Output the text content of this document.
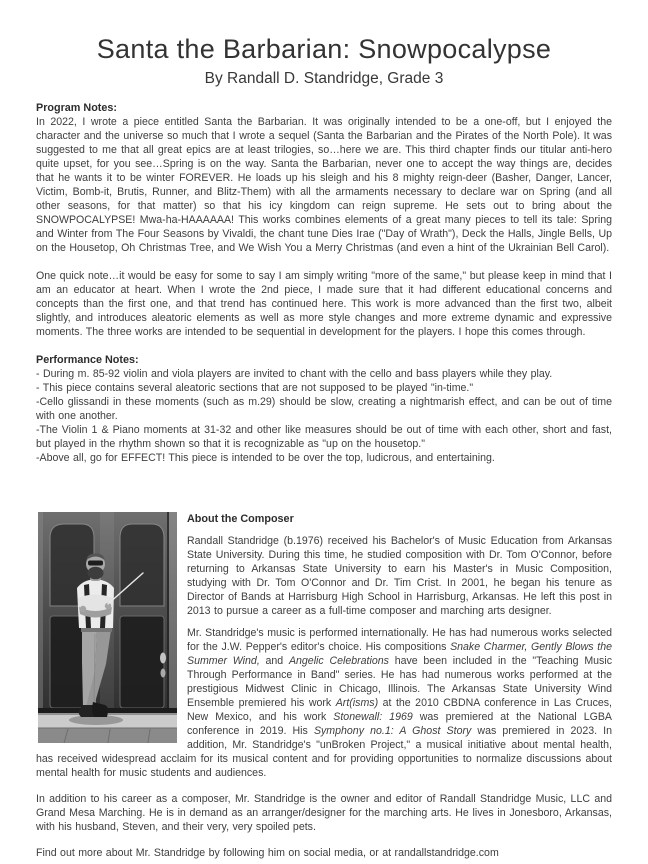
Santa the Barbarian: Snowpocalypse
By Randall D. Standridge, Grade 3

Program Notes:

In 2022, I wrote a piece entitled Santa the Barbarian. It was originally intended to be a one-off, but I enjoyed the character and the universe so much that I wrote a sequel (Santa the Barbarian and the Pirates of the North Pole). It was suggested to me that all great epics are at least trilogies, so…here we are. This third chapter finds our titular anti-hero quite upset, for you see…Spring is on the way. Santa the Barbarian, never one to accept the way things are, decides that he wants it to be winter FOREVER. He loads up his sleigh and his 8 mighty reign-deer (Basher, Danger, Lancer, Victim, Bomb-it, Brutis, Runner, and Blitz-Them) with all the armaments necessary to declare war on Spring (and all other seasons, for that matter) so that his icy kingdom can reign supreme. He sets out to bring about the SNOWPOCALYPSE! Mwa-ha-HAAAAAA! This works combines elements of a great many pieces to tell its tale: Spring and Winter from The Four Seasons by Vivaldi, the chant tune Dies Irae ("Day of Wrath"), Deck the Halls, Jingle Bells, Up on the Housetop, Oh Christmas Tree, and We Wish You a Merry Christmas (and even a hint of the Ukrainian Bell Carol).

One quick note…it would be easy for some to say I am simply writing "more of the same," but please keep in mind that I am an educator at heart. When I wrote the 2nd piece, I made sure that it had different educational concerns and concepts than the first one, and that trend has continued here. This work is more advanced than the first two, albeit slightly, and introduces aleatoric elements as well as more style changes and more extreme dynamic and expressive moments. The three works are intended to be sequential in development for the players. I hope this comes through.

Performance Notes:

- During m. 85-92 violin and viola players are invited to chant with the cello and bass players while they play.

- This piece contains several aleatoric sections that are not supposed to be played "in-time."

-Cello glissandi in these moments (such as m.29) should be slow, creating a nightmarish effect, and can be out of time with one another.

-The Violin 1 & Piano moments at 31-32 and other like measures should be out of time with each other, short and fast, but played in the rhythm shown so that it is recognizable as "up on the housetop."

-Above all, go for EFFECT! This piece is intended to be over the top, ludicrous, and entertaining.

About the Composer

Randall Standridge (b.1976) received his Bachelor's of Music Education from Arkansas State University. During this time, he studied composition with Dr. Tom O'Connor, before returning to Arkansas State University to earn his Master's in Music Composition, studying with Dr. Tom O'Connor and Dr. Tim Crist. In 2001, he began his tenure as Director of Bands at Harrisburg High School in Harrisburg, Arkansas. He left this post in 2013 to pursue a career as a full-time composer and marching arts designer.

Mr. Standridge's music is performed internationally. He has had numerous works selected for the J.W. Pepper's editor's choice. His compositions Snake Charmer, Gently Blows the Summer Wind, and Angelic Celebrations have been included in the "Teaching Music Through Performance in Band" series. He has had numerous works performed at the prestigious Midwest Clinic in Chicago, Illinois. The Arkansas State University Wind Ensemble premiered his work Art(isms) at the 2010 CBDNA conference in Las Cruces, New Mexico, and his work Stonewall: 1969 was premiered at the National LGBA conference in 2019. His Symphony no.1: A Ghost Story was premiered in 2023. In addition, Mr. Standridge's "unBroken Project," a musical initiative about mental health, has received widespread acclaim for its musical content and for providing opportunities to normalize discussions about mental health for music students and audiences.

In addition to his career as a composer, Mr. Standridge is the owner and editor of Randall Standridge Music, LLC and Grand Mesa Marching. He is in demand as an arranger/designer for the marching arts. He lives in Jonesboro, Arkansas, with his husband, Steven, and their very, very spoiled pets.

Find out more about Mr. Standridge by following him on social media, or at randallstandridge.com
